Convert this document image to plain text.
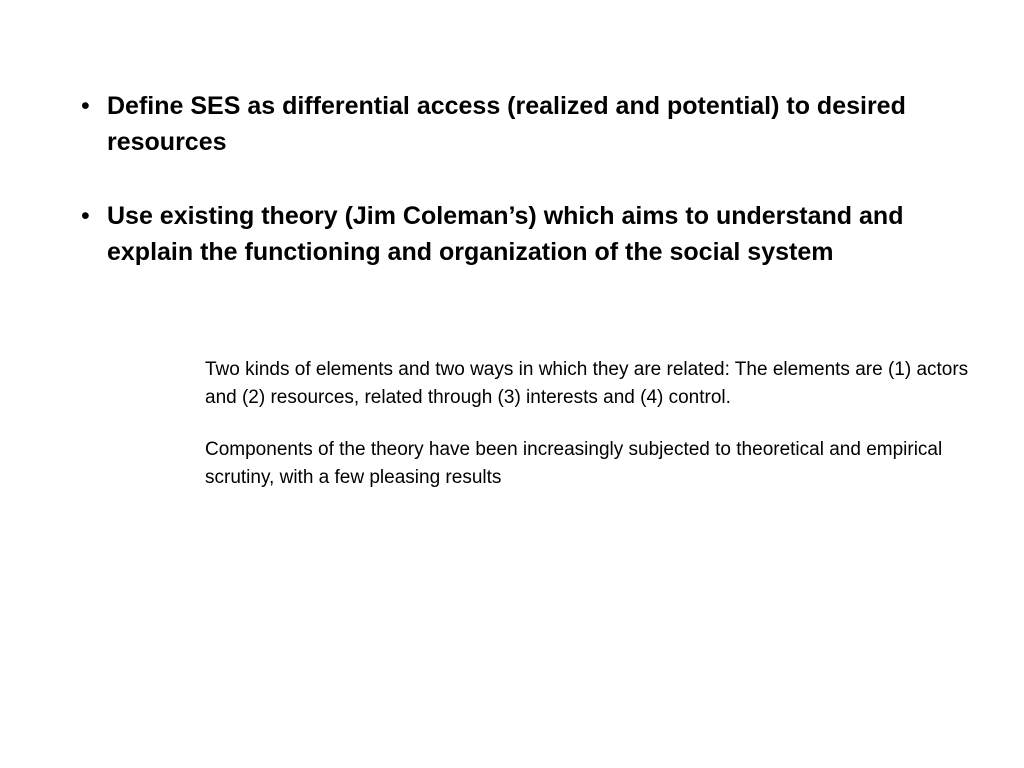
• Define SES as differential access (realized and potential) to desired resources
• Use existing theory (Jim Coleman’s) which aims to understand and explain the functioning and organization of the social system

Two kinds of elements and two ways in which they are related: The elements are (1) actors and (2) resources, related through (3) interests and (4) control.

Components of the theory have been increasingly subjected to theoretical and empirical scrutiny, with a few pleasing results
